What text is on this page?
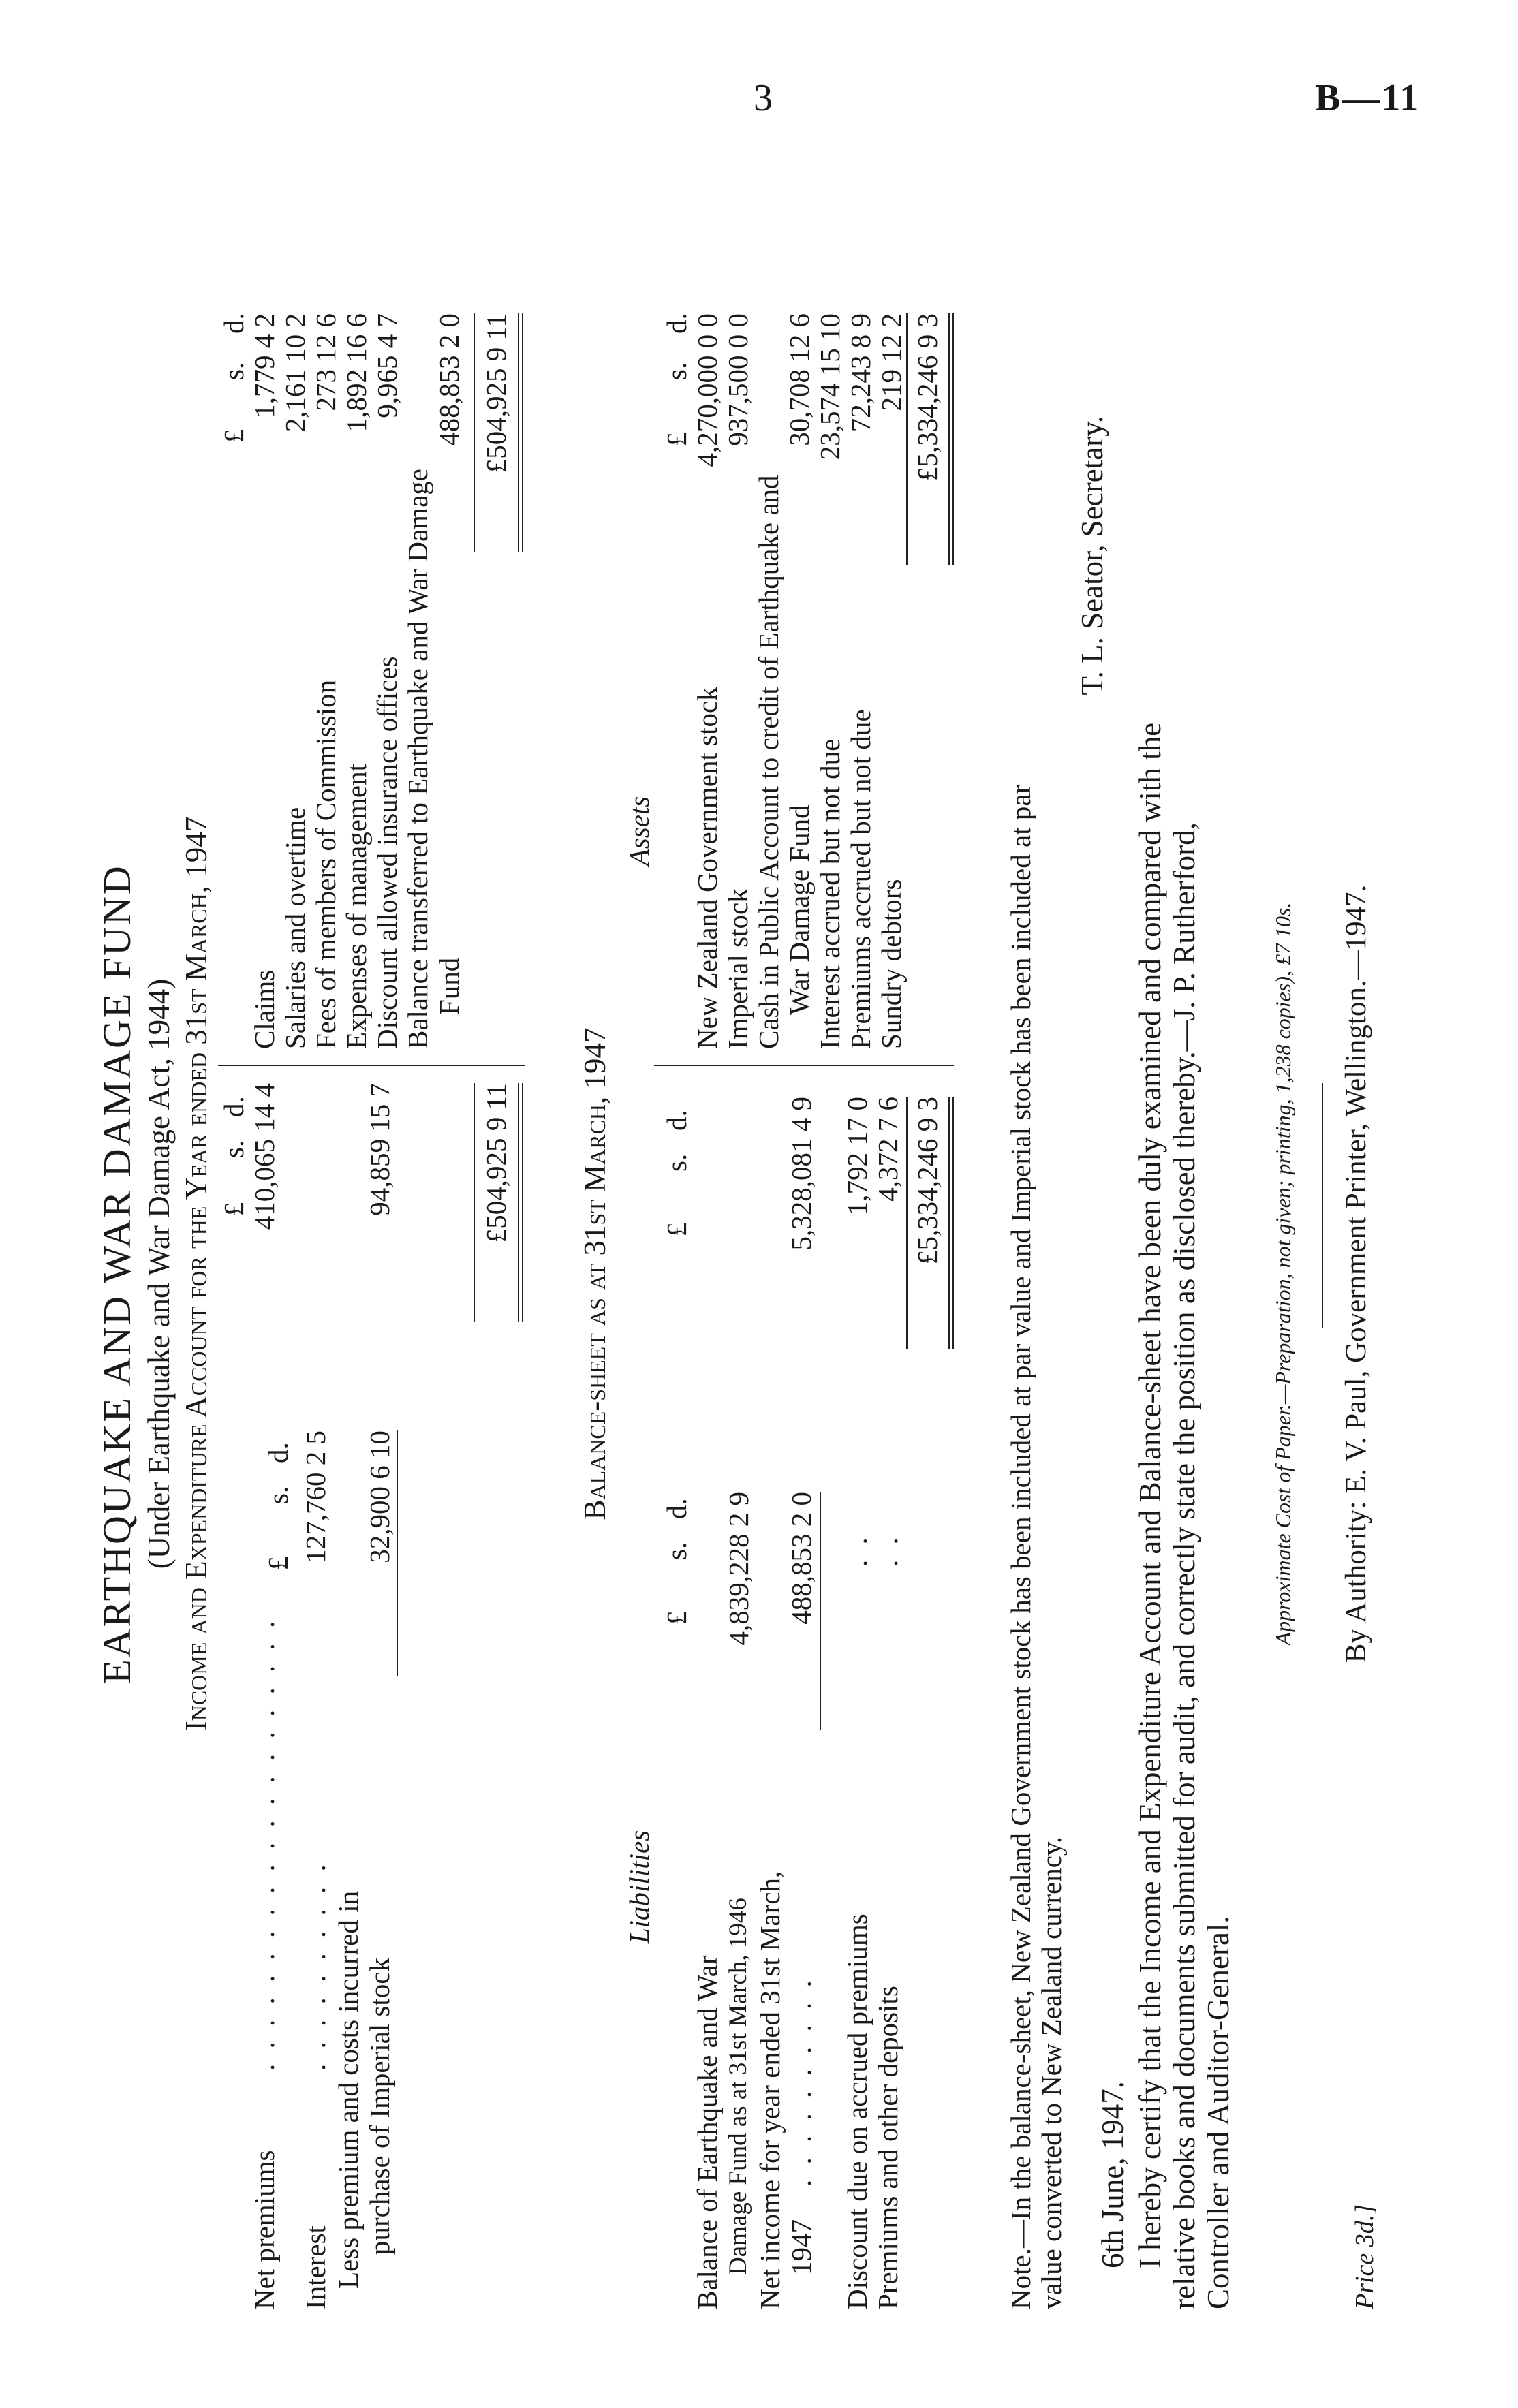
3	B—11
EARTHQUAKE AND WAR DAMAGE FUND (Under Earthquake and War Damage Act, 1944) Income and Expenditure Account for the Year ended 31st March, 1947 £
s.
d.
£
s.
d.
Net premiums
. . . . . . . . . . . . . . . . . . . . .
410,065 14 4
Interest
. . . . . . . . . .
127,760 2 5
Less premium and costs incurred in purchase of Imperial stock
32,900 6 10
94,859 15 7	£504,925 9 11
£
s.
d.
Claims
1,779 4 2
Salaries and overtime
2,161 10 2
Fees of members of Commission
273 12 6
Expenses of management
1,892 16 6
Discount allowed insurance offices
9,965 4 7
Balance transferred to Earthquake and War Damage Fund
488,853 2 0 £504,925 9 11
Balance-sheet as at 31st March, 1947
Liabilities
Assets
£
s.
d.
£
s.
d.
Balance of Earthquake and War Damage Fund as at 31st March, 1946
4,839,228 2 9
Net income for year ended 31st March, 1947
. . . . . . . . . .
488,853 2 0
5,328,081 4 9
Discount due on accrued premiums
. .
1,792 17 0
Premiums and other deposits
. .
4,372 7 6 £5,334,246 9 3
£
s.
d.
New Zealand Government stock
4,270,000 0 0
Imperial stock
937,500 0 0
Cash in Public Account to credit of Earthquake and War Damage Fund
30,708 12 6
Interest accrued but not due
23,574 15 10
Premiums accrued but not due
72,243 8 9
Sundry debtors
219 12 2 £5,334,246 9 3
Note.—In the balance-sheet, New Zealand Government stock has been included at par value and Imperial stock has been included at par value converted to New Zealand currency.
T. L. Seator, Secretary.
6th June, 1947. I hereby certify that the Income and Expenditure Account and Balance-sheet have been duly examined and compared with the relative books and documents submitted for audit, and correctly state the position as disclosed thereby.—J. P. Rutherford, Controller and Auditor-General.
Approximate Cost of Paper.—Preparation, not given; printing, 1,238 copies), £7 10s. By Authority: E. V. Paul, Government Printer, Wellington.—1947.
Price 3d.]
